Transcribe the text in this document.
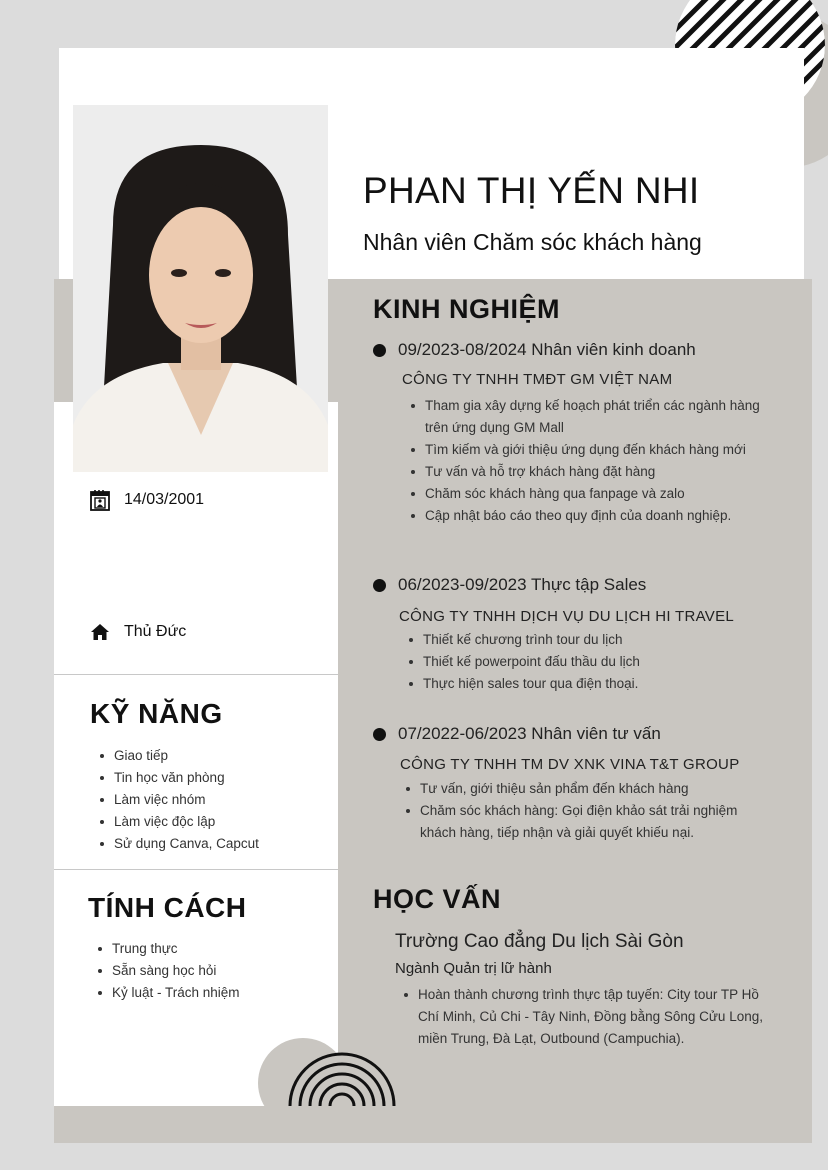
PHAN THỊ YẾN NHI
Nhân viên Chăm sóc khách hàng
14/03/2001
Thủ Đức
KỸ NĂNG
Giao tiếp
Tin học văn phòng
Làm việc nhóm
Làm việc độc lập
Sử dụng Canva, Capcut
TÍNH CÁCH
Trung thực
Sẵn sàng học hỏi
Kỷ luật - Trách nhiệm
KINH NGHIỆM
09/2023-08/2024 Nhân viên kinh doanh
CÔNG TY TNHH TMĐT GM VIỆT NAM
Tham gia xây dựng kế hoạch phát triển các ngành hàng trên ứng dụng GM Mall
Tìm kiếm và giới thiệu ứng dụng đến khách hàng mới
Tư vấn và hỗ trợ khách hàng đặt hàng
Chăm sóc khách hàng qua fanpage và zalo
Cập nhật báo cáo theo quy định của doanh nghiệp.
06/2023-09/2023 Thực tập Sales
CÔNG TY TNHH DỊCH VỤ DU LỊCH HI TRAVEL
Thiết kế chương trình tour du lịch
Thiết kế powerpoint đấu thầu du lịch
Thực hiện sales tour qua điện thoại.
07/2022-06/2023 Nhân viên tư vấn
CÔNG TY TNHH TM DV XNK VINA T&T GROUP
Tư vấn, giới thiệu sản phẩm đến khách hàng
Chăm sóc khách hàng: Gọi điện khảo sát trải nghiệm khách hàng, tiếp nhận và giải quyết khiếu nại.
HỌC VẤN
Trường Cao đẳng Du lịch Sài Gòn
Ngành Quản trị lữ hành
Hoàn thành chương trình thực tập tuyến: City tour TP Hồ Chí Minh, Củ Chi - Tây Ninh, Đồng bằng Sông Cửu Long, miền Trung, Đà Lạt, Outbound (Campuchia).
